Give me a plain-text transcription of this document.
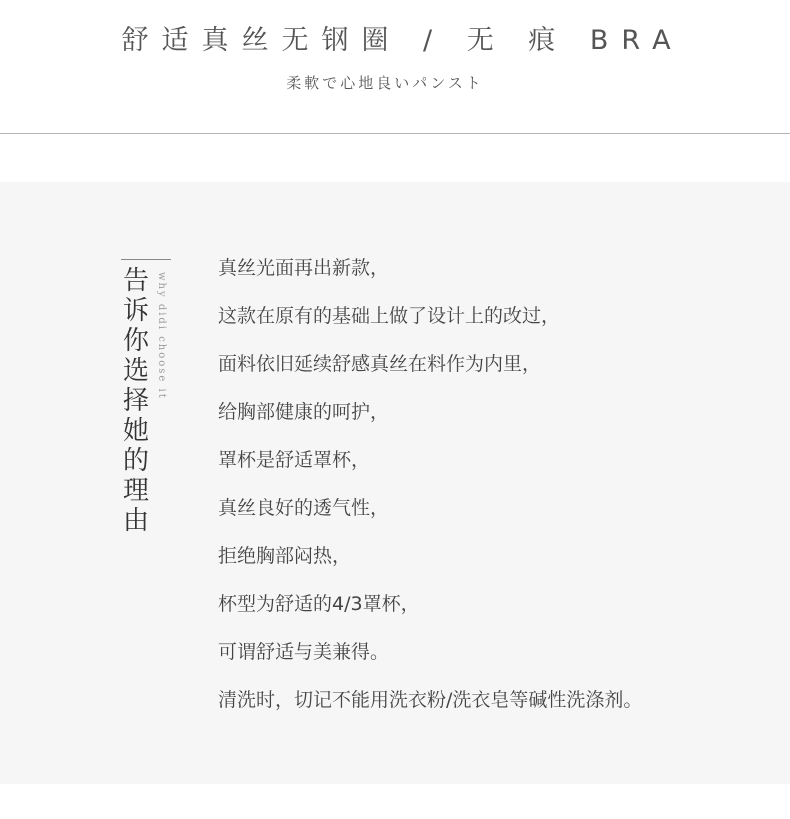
舒适真丝无钢圈 / 无 痕 BRA
柔軟で心地良いパンスト
告诉你选择她的理由
why didi choose it
真丝光面再出新款，
这款在原有的基础上做了设计上的改过，
面料依旧延续舒感真丝在料作为内里，
给胸部健康的呵护，
罩杯是舒适罩杯，
真丝良好的透气性，
拒绝胸部闷热，
杯型为舒适的4/3罩杯，
可谓舒适与美兼得。
清洗时，切记不能用洗衣粉/洗衣皂等碱性洗涤剂。
